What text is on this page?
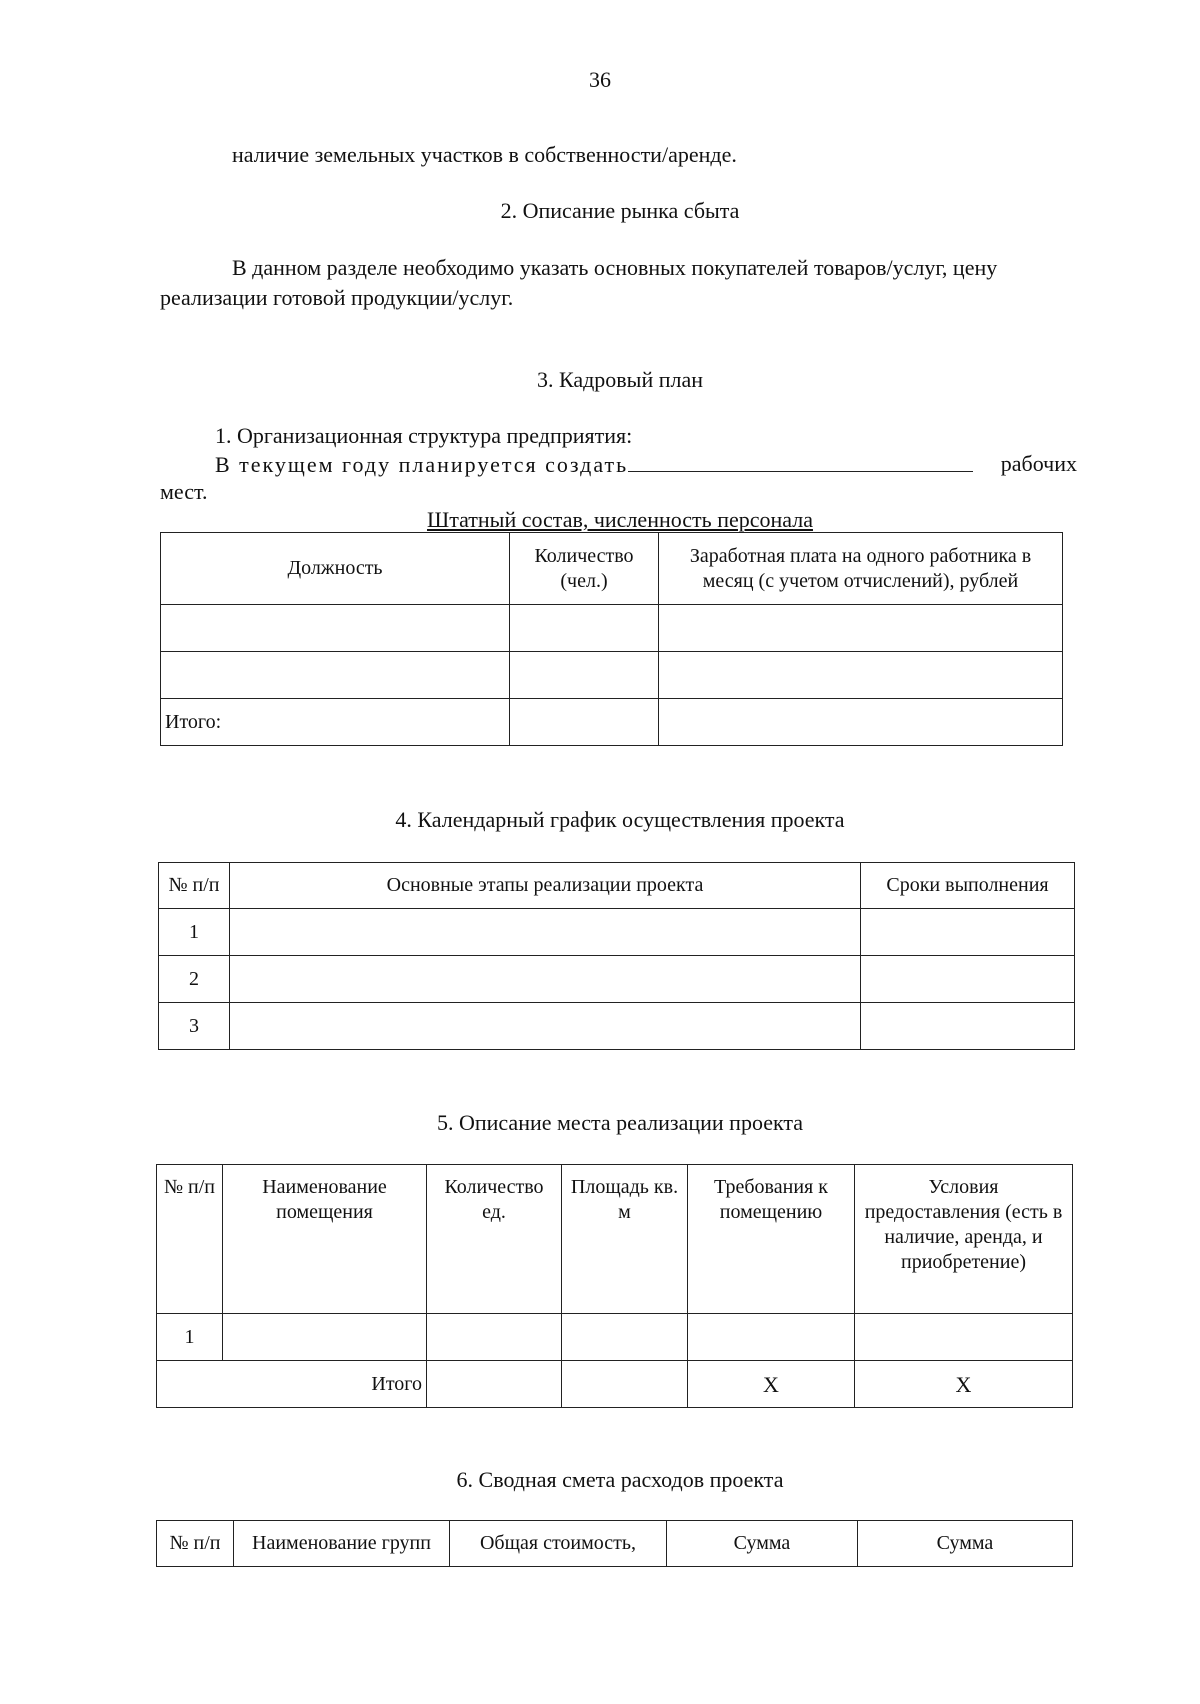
36
наличие земельных участков в собственности/аренде.
2. Описание рынка сбыта
В данном разделе необходимо указать основных покупателей товаров/услуг, цену
реализации готовой продукции/услуг.
3. Кадровый план
1. Организационная структура предприятия:
В текущем году планируется создать	рабочих
мест.
Штатный состав, численность персонала
Должность	Количество (чел.)	Заработная плата на одного работника в месяц (с учетом отчислений), рублей

Итого:		
4. Календарный график осуществления проекта
№ п/п	Основные этапы реализации проекта	Сроки выполнения
1		
2		
3		
5. Описание места реализации проекта
№ п/п	Наименование помещения	Количество ед.	Площадь кв. м	Требования к помещению	Условия предоставления (есть в наличие, аренда, и приобретение)
1					
Итого				X	X
6. Сводная смета расходов проекта
№ п/п	Наименование групп	Общая стоимость,	Сумма	Сумма
